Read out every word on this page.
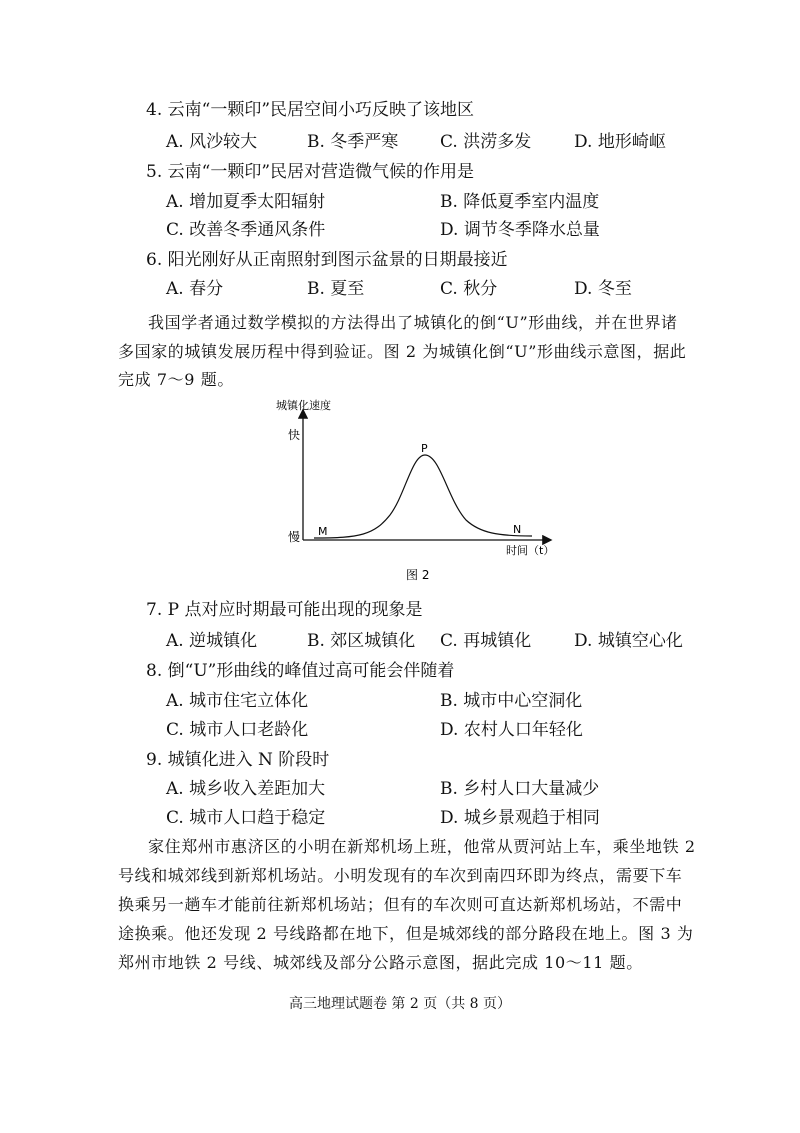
4. 云南“一颗印”民居空间小巧反映了该地区
A. 风沙较大	B. 冬季严寒 C. 洪涝多发	D. 地形崎岖
5. 云南“一颗印”民居对营造微气候的作用是
A. 增加夏季太阳辐射	B. 降低夏季室内温度
C. 改善冬季通风条件	D. 调节冬季降水总量
6. 阳光刚好从正南照射到图示盆景的日期最接近
A. 春分	B. 夏至	C. 秋分	D. 冬至
我国学者通过数学模拟的方法得出了城镇化的倒“U”形曲线，并在世界诸
多国家的城镇发展历程中得到验证。图 2 为城镇化倒“U”形曲线示意图，据此
完成 7～9 题。
城镇化速度
快
慢 M
P
N
时间（t）
图 2
7. P 点对应时期最可能出现的现象是
A. 逆城镇化	B. 郊区城镇化 C. 再城镇化	D. 城镇空心化
8. 倒“U”形曲线的峰值过高可能会伴随着
A. 城市住宅立体化	B. 城市中心空洞化
C. 城市人口老龄化	D. 农村人口年轻化
9. 城镇化进入 N 阶段时
A. 城乡收入差距加大	B. 乡村人口大量减少
C. 城市人口趋于稳定	D. 城乡景观趋于相同
家住郑州市惠济区的小明在新郑机场上班，他常从贾河站上车，乘坐地铁 2
号线和城郊线到新郑机场站。小明发现有的车次到南四环即为终点，需要下车
换乘另一趟车才能前往新郑机场站；但有的车次则可直达新郑机场站，不需中
途换乘。他还发现 2 号线路都在地下，但是城郊线的部分路段在地上。图 3 为
郑州市地铁 2 号线、城郊线及部分公路示意图，据此完成 10～11 题。
高三地理试题卷 第 2 页（共 8 页）
